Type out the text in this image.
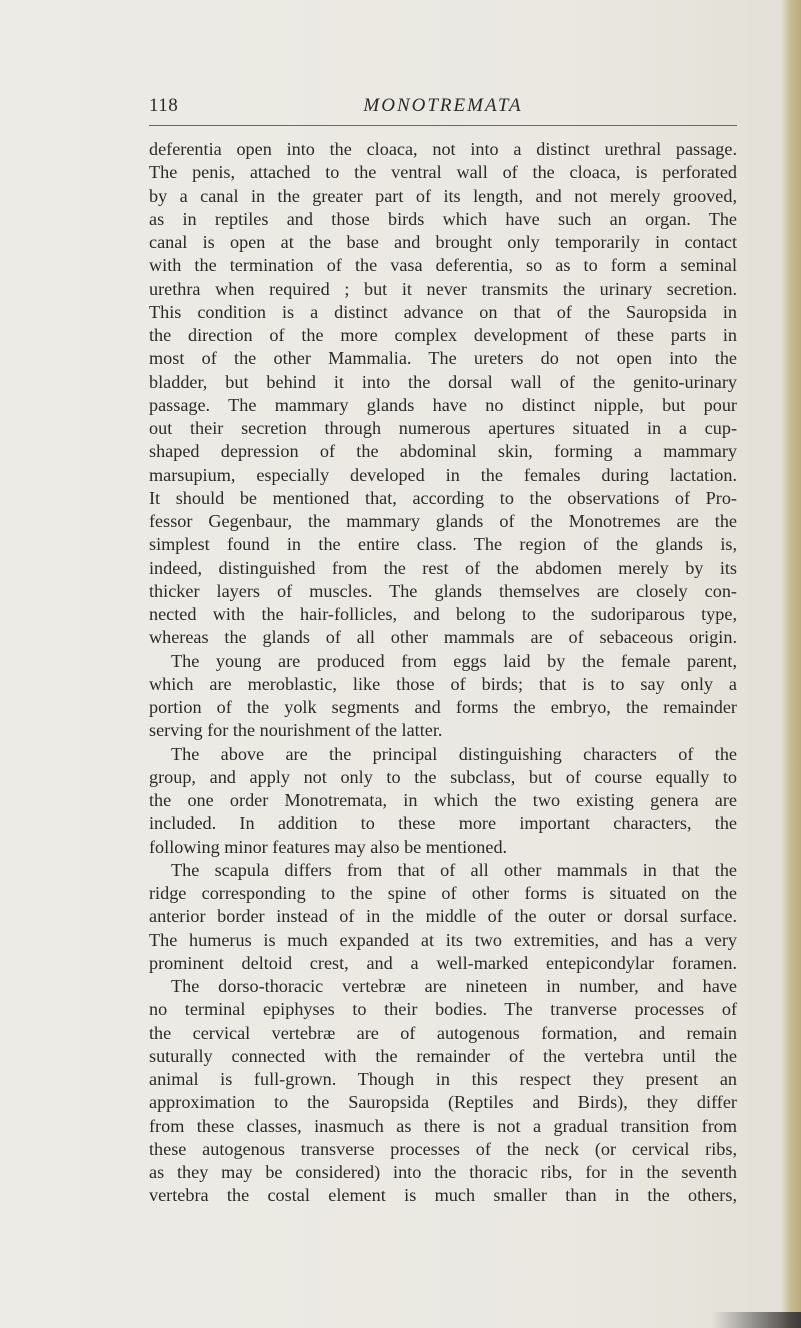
118	MONOTREMATA
deferentia open into the cloaca, not into a distinct urethral passage.
The penis, attached to the ventral wall of the cloaca, is perforated
by a canal in the greater part of its length, and not merely grooved,
as in reptiles and those birds which have such an organ. The
canal is open at the base and brought only temporarily in contact
with the termination of the vasa deferentia, so as to form a seminal
urethra when required ; but it never transmits the urinary secretion.
This condition is a distinct advance on that of the Sauropsida in
the direction of the more complex development of these parts in
most of the other Mammalia. The ureters do not open into the
bladder, but behind it into the dorsal wall of the genito-urinary
passage. The mammary glands have no distinct nipple, but pour
out their secretion through numerous apertures situated in a cup-
shaped depression of the abdominal skin, forming a mammary
marsupium, especially developed in the females during lactation.
It should be mentioned that, according to the observations of Pro-
fessor Gegenbaur, the mammary glands of the Monotremes are the
simplest found in the entire class. The region of the glands is,
indeed, distinguished from the rest of the abdomen merely by its
thicker layers of muscles. The glands themselves are closely con-
nected with the hair-follicles, and belong to the sudoriparous type,
whereas the glands of all other mammals are of sebaceous origin.
The young are produced from eggs laid by the female parent,
which are meroblastic, like those of birds; that is to say only a
portion of the yolk segments and forms the embryo, the remainder
serving for the nourishment of the latter.
The above are the principal distinguishing characters of the
group, and apply not only to the subclass, but of course equally to
the one order Monotremata, in which the two existing genera are
included. In addition to these more important characters, the
following minor features may also be mentioned.
The scapula differs from that of all other mammals in that the
ridge corresponding to the spine of other forms is situated on the
anterior border instead of in the middle of the outer or dorsal surface.
The humerus is much expanded at its two extremities, and has a very
prominent deltoid crest, and a well-marked entepicondylar foramen.
The dorso-thoracic vertebræ are nineteen in number, and have
no terminal epiphyses to their bodies. The tranverse processes of
the cervical vertebræ are of autogenous formation, and remain
suturally connected with the remainder of the vertebra until the
animal is full-grown. Though in this respect they present an
approximation to the Sauropsida (Reptiles and Birds), they differ
from these classes, inasmuch as there is not a gradual transition from
these autogenous transverse processes of the neck (or cervical ribs,
as they may be considered) into the thoracic ribs, for in the seventh
vertebra the costal element is much smaller than in the others,
